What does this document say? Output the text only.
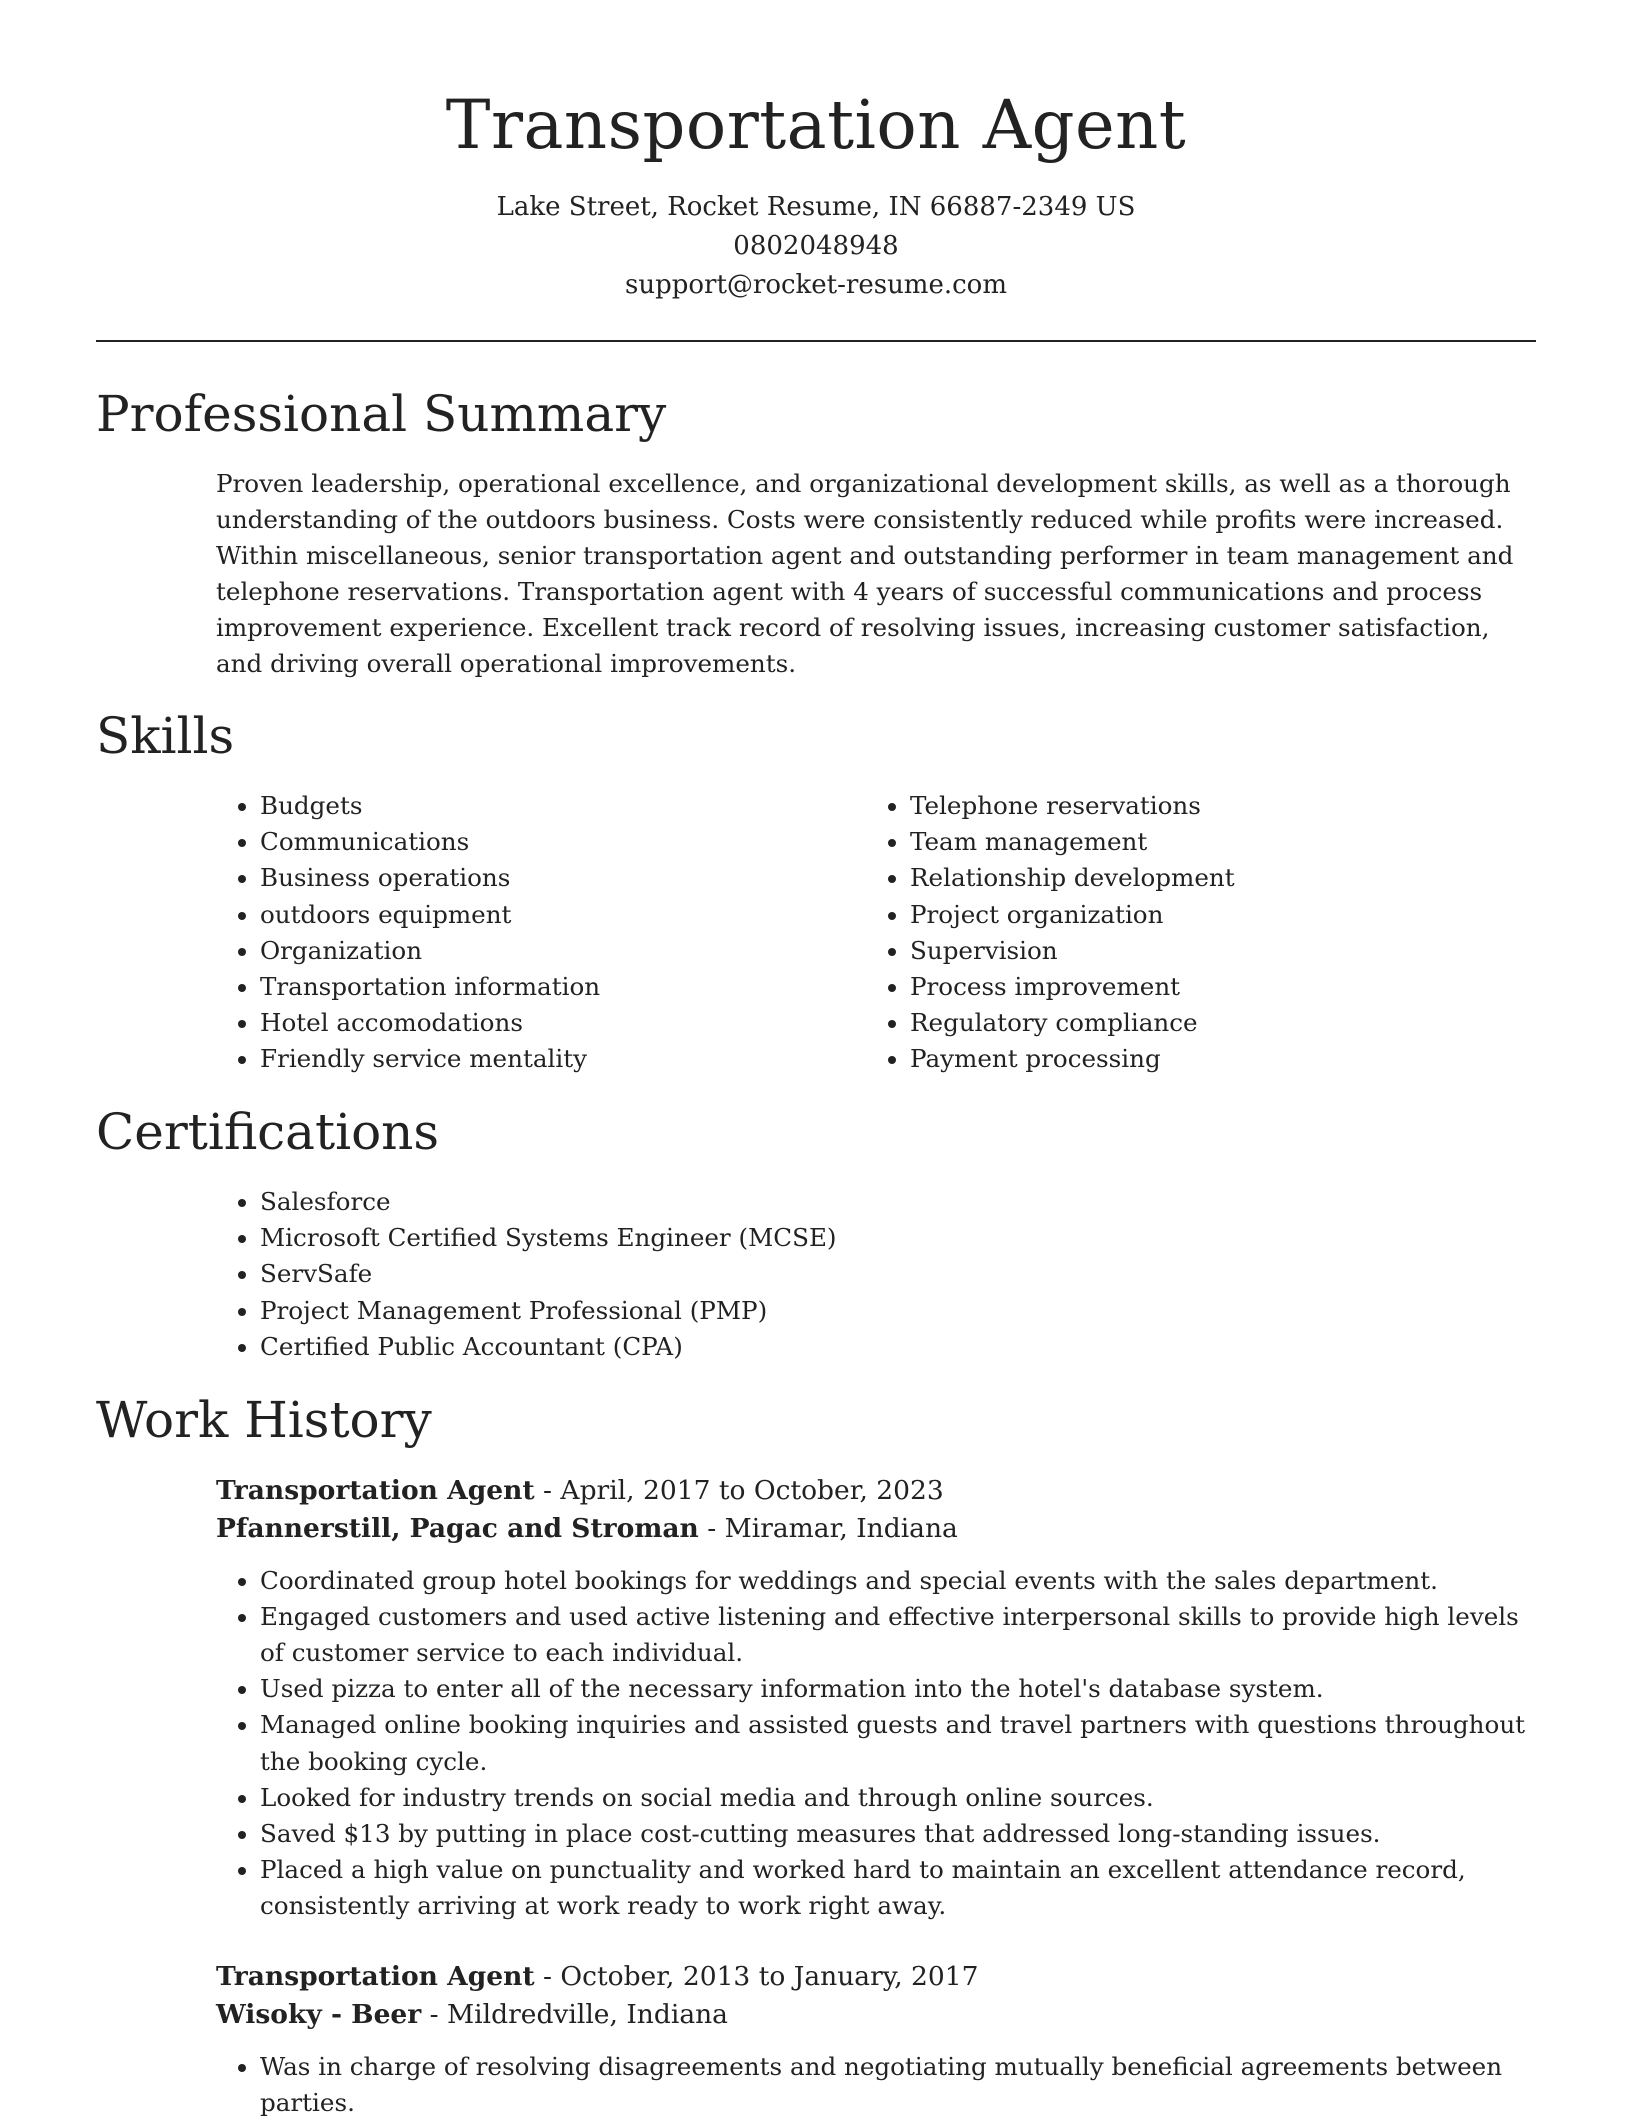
Transportation Agent
Lake Street, Rocket Resume, IN 66887-2349 US
0802048948
support@rocket-resume.com
Professional Summary

Proven leadership, operational excellence, and organizational development skills, as well as a thorough understanding of the outdoors business. Costs were consistently reduced while profits were increased. Within miscellaneous, senior transportation agent and outstanding performer in team management and telephone reservations. Transportation agent with 4 years of successful communications and process improvement experience. Excellent track record of resolving issues, increasing customer satisfaction, and driving overall operational improvements.

Skills
• Budgets
• Communications
• Business operations
• outdoors equipment
• Organization
• Transportation information
• Hotel accomodations
• Friendly service mentality
• Telephone reservations
• Team management
• Relationship development
• Project organization
• Supervision
• Process improvement
• Regulatory compliance
• Payment processing
Certifications
• Salesforce
• Microsoft Certified Systems Engineer (MCSE)
• ServSafe
• Project Management Professional (PMP)
• Certified Public Accountant (CPA)
Work History
Transportation Agent - April, 2017 to October, 2023
Pfannerstill, Pagac and Stroman - Miramar, Indiana
• Coordinated group hotel bookings for weddings and special events with the sales department.
• Engaged customers and used active listening and effective interpersonal skills to provide high levels of customer service to each individual.
• Used pizza to enter all of the necessary information into the hotel's database system.
• Managed online booking inquiries and assisted guests and travel partners with questions throughout the booking cycle.
• Looked for industry trends on social media and through online sources.
• Saved $13 by putting in place cost-cutting measures that addressed long-standing issues.
• Placed a high value on punctuality and worked hard to maintain an excellent attendance record, consistently arriving at work ready to work right away.
Transportation Agent - October, 2013 to January, 2017
Wisoky - Beer - Mildredville, Indiana
• Was in charge of resolving disagreements and negotiating mutually beneficial agreements between parties.
